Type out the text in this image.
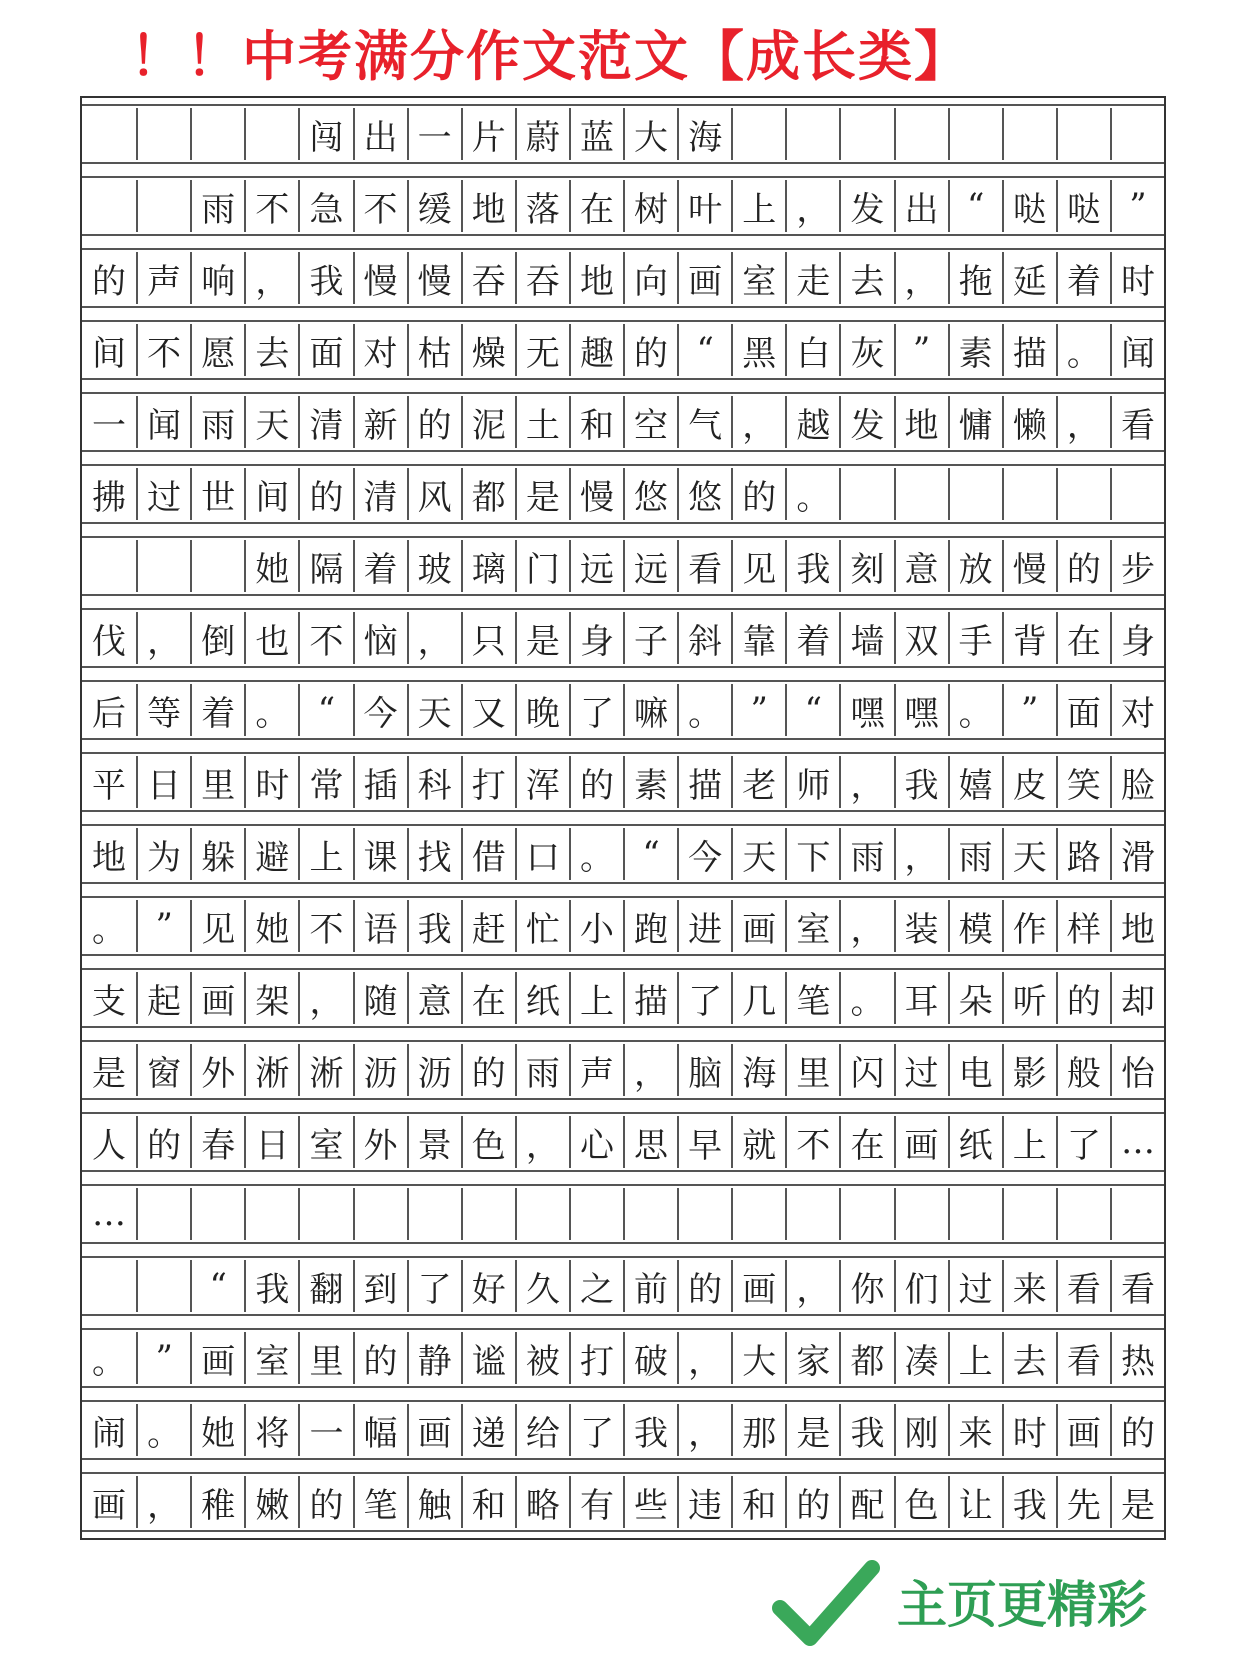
！！中考满分作文范文【成长类】
闯 出 一 片 蔚 蓝 大 海
雨 不 急 不 缓 地 落 在 树 叶 上 ， 发 出 “ 哒 哒 ”
的 声 响 ， 我 慢 慢 吞 吞 地 向 画 室 走 去 ， 拖 延 着 时
间 不 愿 去 面 对 枯 燥 无 趣 的 “ 黑 白 灰 ” 素 描 。 闻
一 闻 雨 天 清 新 的 泥 土 和 空 气 ， 越 发 地 慵 懒 ， 看
拂 过 世 间 的 清 风 都 是 慢 悠 悠 的 。
她 隔 着 玻 璃 门 远 远 看 见 我 刻 意 放 慢 的 步
伐 ， 倒 也 不 恼 ， 只 是 身 子 斜 靠 着 墙 双 手 背 在 身
后 等 着 。 “ 今 天 又 晚 了 嘛 。 ”	“ 嘿 嘿 。 ” 面 对
平 日 里 时 常 插 科 打 浑 的 素 描 老 师 ， 我 嬉 皮 笑 脸
地 为 躲 避 上 课 找 借 口 。 “ 今 天 下 雨 ， 雨 天 路 滑
。 ” 见 她 不 语 我 赶 忙 小 跑 进 画 室 ， 装 模 作 样 地
支 起 画 架 ， 随 意 在 纸 上 描 了 几 笔 。 耳 朵 听 的 却
是 窗 外 淅 淅 沥 沥 的 雨 声 ， 脑 海 里 闪 过 电 影 般 怡
人 的 春 日 室 外 景 色 ， 心 思 早 就 不 在 画 纸 上 了 …
…
“ 我 翻 到 了 好 久 之 前 的 画 ， 你 们 过 来 看 看
。 ” 画 室 里 的 静 谧 被 打 破 ， 大 家 都 凑 上 去 看 热
闹 。 她 将 一 幅 画 递 给 了 我 ， 那 是 我 刚 来 时 画 的
画 ， 稚 嫩 的 笔 触 和 略 有 些 违 和 的 配 色 让 我 先 是
主页更精彩
